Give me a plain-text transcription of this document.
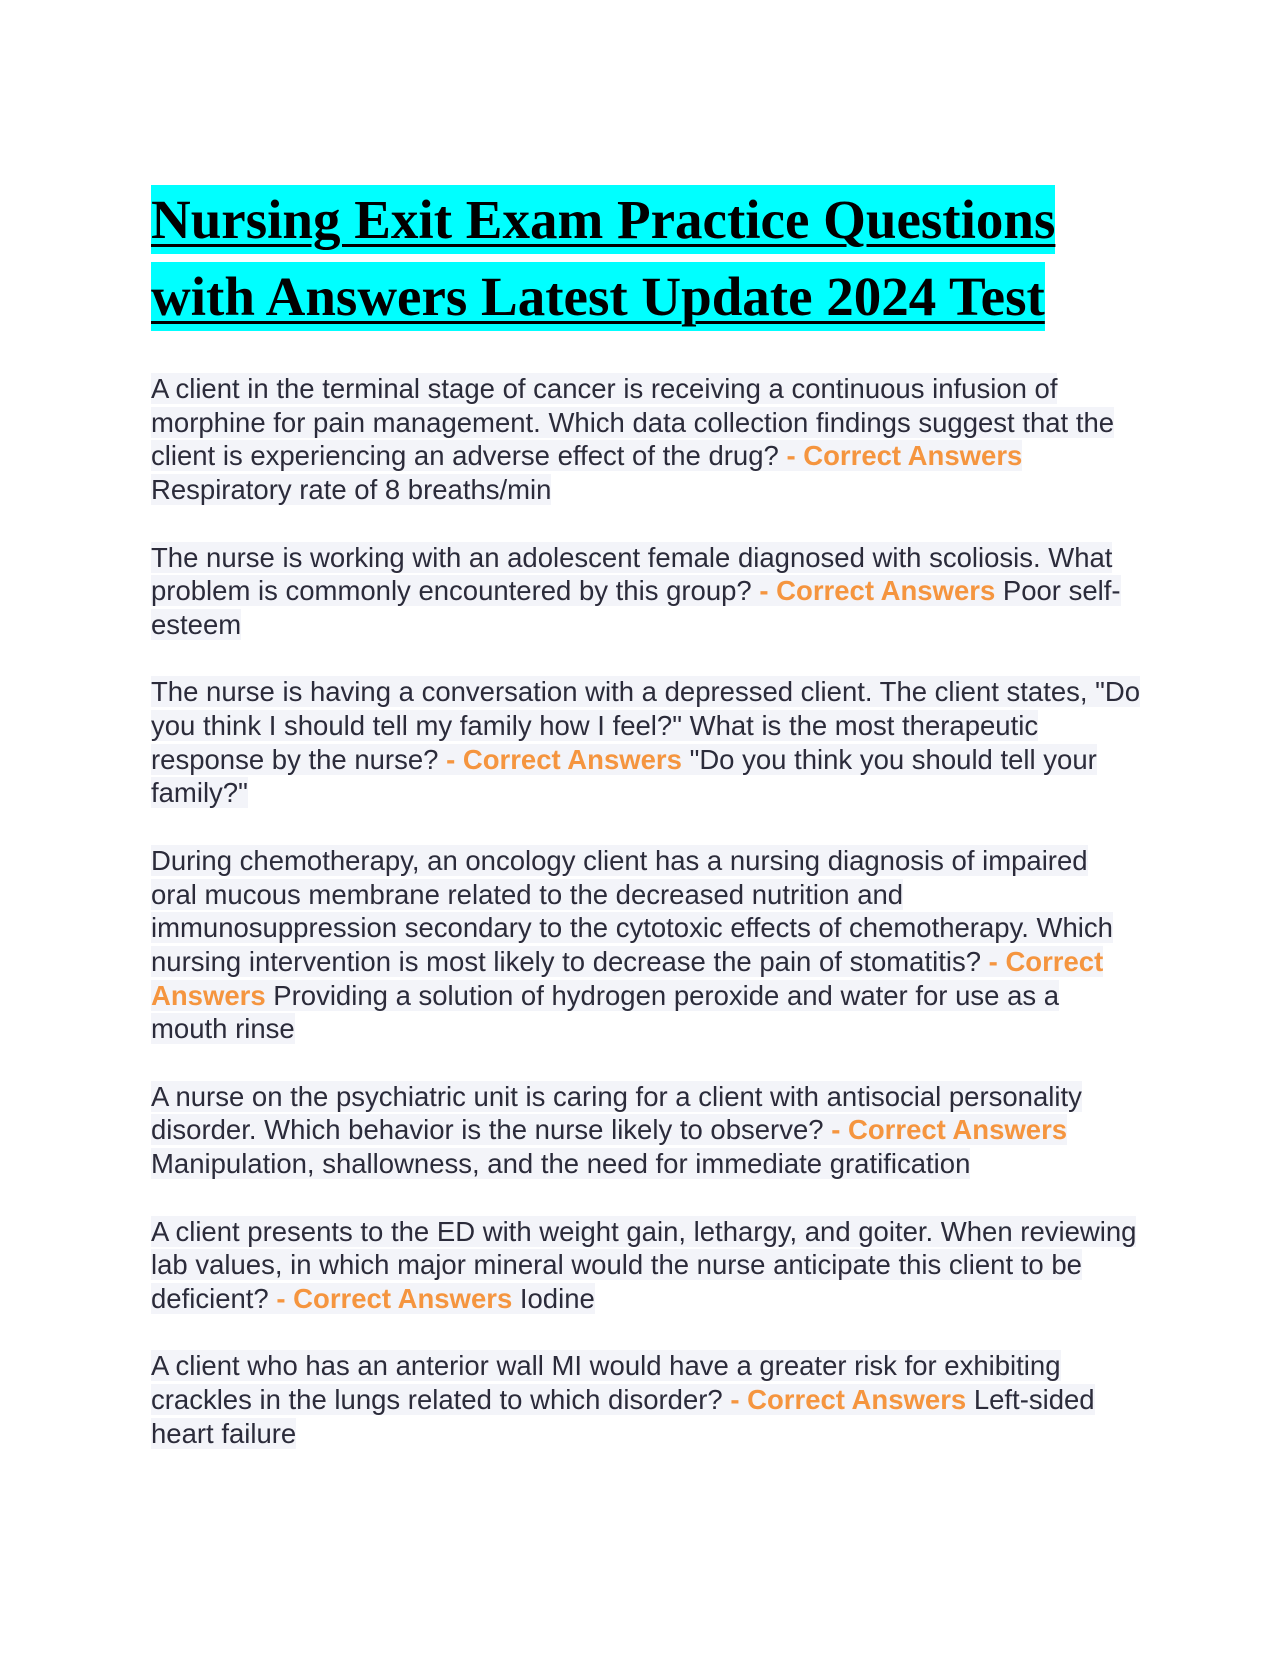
Nursing Exit Exam Practice Questions with Answers Latest Update 2024 Test

A client in the terminal stage of cancer is receiving a continuous infusion of morphine for pain management. Which data collection findings suggest that the client is experiencing an adverse effect of the drug? - Correct Answers Respiratory rate of 8 breaths/min

The nurse is working with an adolescent female diagnosed with scoliosis. What problem is commonly encountered by this group? - Correct Answers Poor self-esteem

The nurse is having a conversation with a depressed client. The client states, "Do you think I should tell my family how I feel?" What is the most therapeutic response by the nurse? - Correct Answers "Do you think you should tell your family?"

During chemotherapy, an oncology client has a nursing diagnosis of impaired oral mucous membrane related to the decreased nutrition and immunosuppression secondary to the cytotoxic effects of chemotherapy. Which nursing intervention is most likely to decrease the pain of stomatitis? - Correct Answers Providing a solution of hydrogen peroxide and water for use as a mouth rinse

A nurse on the psychiatric unit is caring for a client with antisocial personality disorder. Which behavior is the nurse likely to observe? - Correct Answers Manipulation, shallowness, and the need for immediate gratification

A client presents to the ED with weight gain, lethargy, and goiter. When reviewing lab values, in which major mineral would the nurse anticipate this client to be deficient? - Correct Answers Iodine

A client who has an anterior wall MI would have a greater risk for exhibiting crackles in the lungs related to which disorder? - Correct Answers Left-sided heart failure
